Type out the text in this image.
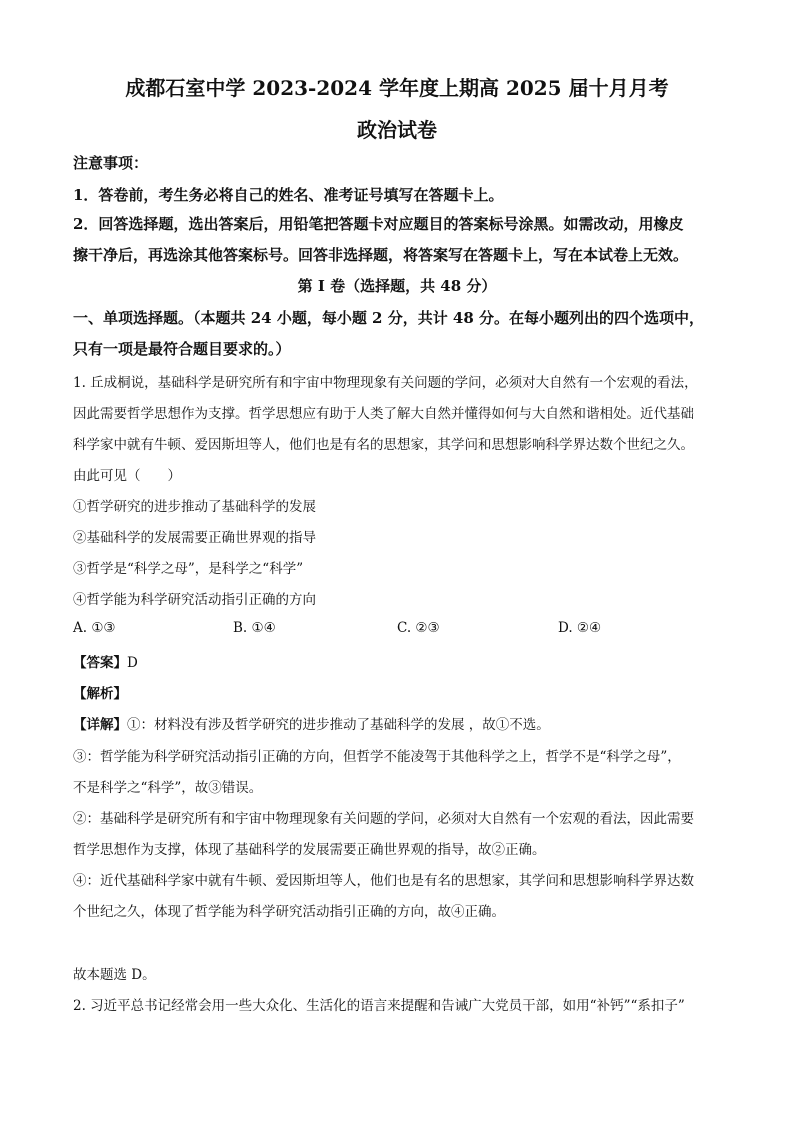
成都石室中学 2023-2024 学年度上期高 2025 届十月月考
政治试卷
注意事项：
1．答卷前，考生务必将自己的姓名、准考证号填写在答题卡上。
2．回答选择题，选出答案后，用铅笔把答题卡对应题目的答案标号涂黑。如需改动，用橡皮
擦干净后，再选涂其他答案标号。回答非选择题，将答案写在答题卡上，写在本试卷上无效。
第 I 卷（选择题，共 48 分）
一、单项选择题。（本题共 24 小题，每小题 2 分，共计 48 分。在每小题列出的四个选项中，
只有一项是最符合题目要求的。）
1. 丘成桐说，基础科学是研究所有和宇宙中物理现象有关问题的学问，必须对大自然有一个宏观的看法，
因此需要哲学思想作为支撑。哲学思想应有助于人类了解大自然并懂得如何与大自然和谐相处。近代基础
科学家中就有牛顿、爱因斯坦等人，他们也是有名的思想家，其学问和思想影响科学界达数个世纪之久。
由此可见（　　）
①哲学研究的进步推动了基础科学的发展
②基础科学的发展需要正确世界观的指导
③哲学是“科学之母”，是科学之“科学”
④哲学能为科学研究活动指引正确的方向
A. ①③	B. ①④	C. ②③	D. ②④
【答案】D
【解析】
【详解】①：材料没有涉及哲学研究的进步推动了基础科学的发展 ，故①不选。
③：哲学能为科学研究活动指引正确的方向，但哲学不能凌驾于其他科学之上，哲学不是“科学之母”，
不是科学之“科学”，故③错误。
②：基础科学是研究所有和宇宙中物理现象有关问题的学问，必须对大自然有一个宏观的看法，因此需要
哲学思想作为支撑，体现了基础科学的发展需要正确世界观的指导，故②正确。
④：近代基础科学家中就有牛顿、爱因斯坦等人，他们也是有名的思想家，其学问和思想影响科学界达数
个世纪之久，体现了哲学能为科学研究活动指引正确的方向，故④正确。
故本题选 D。
2. 习近平总书记经常会用一些大众化、生活化的语言来提醒和告诫广大党员干部，如用“补钙”“系扣子”
